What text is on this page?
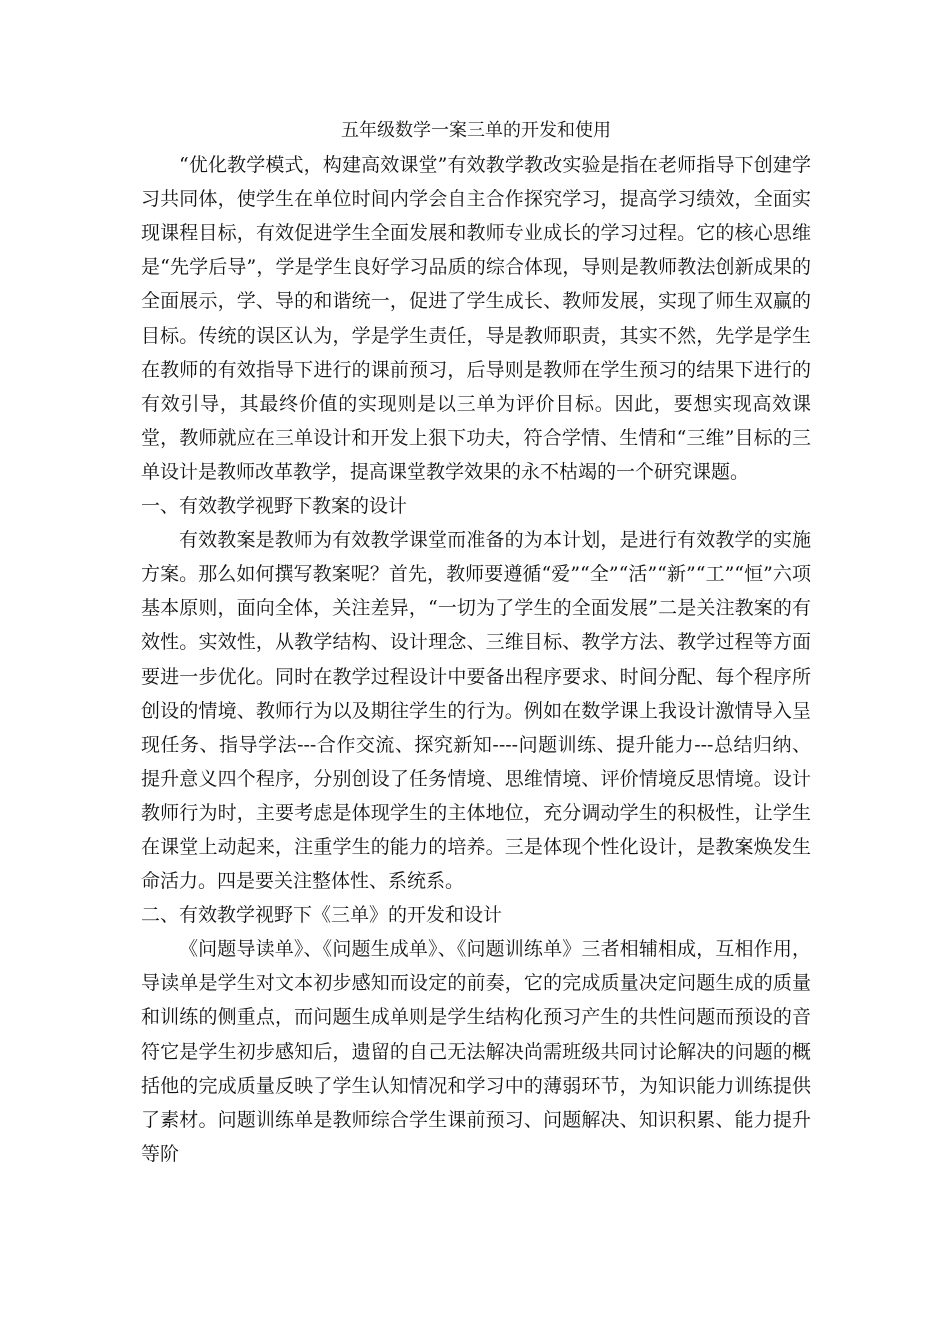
五年级数学一案三单的开发和使用

“优化教学模式，构建高效课堂”有效教学教改实验是指在老师指导下创建学习共同体，使学生在单位时间内学会自主合作探究学习，提高学习绩效，全面实现课程目标，有效促进学生全面发展和教师专业成长的学习过程。它的核心思维是“先学后导”，学是学生良好学习品质的综合体现，导则是教师教法创新成果的全面展示，学、导的和谐统一，促进了学生成长、教师发展，实现了师生双赢的目标。传统的误区认为，学是学生责任，导是教师职责，其实不然，先学是学生在教师的有效指导下进行的课前预习，后导则是教师在学生预习的结果下进行的有效引导，其最终价值的实现则是以三单为评价目标。因此，要想实现高效课堂，教师就应在三单设计和开发上狠下功夫，符合学情、生情和“三维”目标的三单设计是教师改革教学，提高课堂教学效果的永不枯竭的一个研究课题。

一、有效教学视野下教案的设计

有效教案是教师为有效教学课堂而准备的为本计划，是进行有效教学的实施方案。那么如何撰写教案呢？首先，教师要遵循“爱”“全”“活”“新”“工”“恒”六项基本原则，面向全体，关注差异，“一切为了学生的全面发展”二是关注教案的有效性。实效性，从教学结构、设计理念、三维目标、教学方法、教学过程等方面要进一步优化。同时在教学过程设计中要备出程序要求、时间分配、每个程序所创设的情境、教师行为以及期往学生的行为。例如在数学课上我设计激情导入呈现任务、指导学法---合作交流、探究新知----问题训练、提升能力---总结归纳、提升意义四个程序，分别创设了任务情境、思维情境、评价情境反思情境。设计教师行为时，主要考虑是体现学生的主体地位，充分调动学生的积极性，让学生在课堂上动起来，注重学生的能力的培养。三是体现个性化设计，是教案焕发生命活力。四是要关注整体性、系统系。

二、有效教学视野下《三单》的开发和设计

《问题导读单》、《问题生成单》、《问题训练单》三者相辅相成，互相作用，导读单是学生对文本初步感知而设定的前奏，它的完成质量决定问题生成的质量和训练的侧重点，而问题生成单则是学生结构化预习产生的共性问题而预设的音符它是学生初步感知后，遗留的自己无法解决尚需班级共同讨论解决的问题的概括他的完成质量反映了学生认知情况和学习中的薄弱环节，为知识能力训练提供了素材。问题训练单是教师综合学生课前预习、问题解决、知识积累、能力提升等阶
